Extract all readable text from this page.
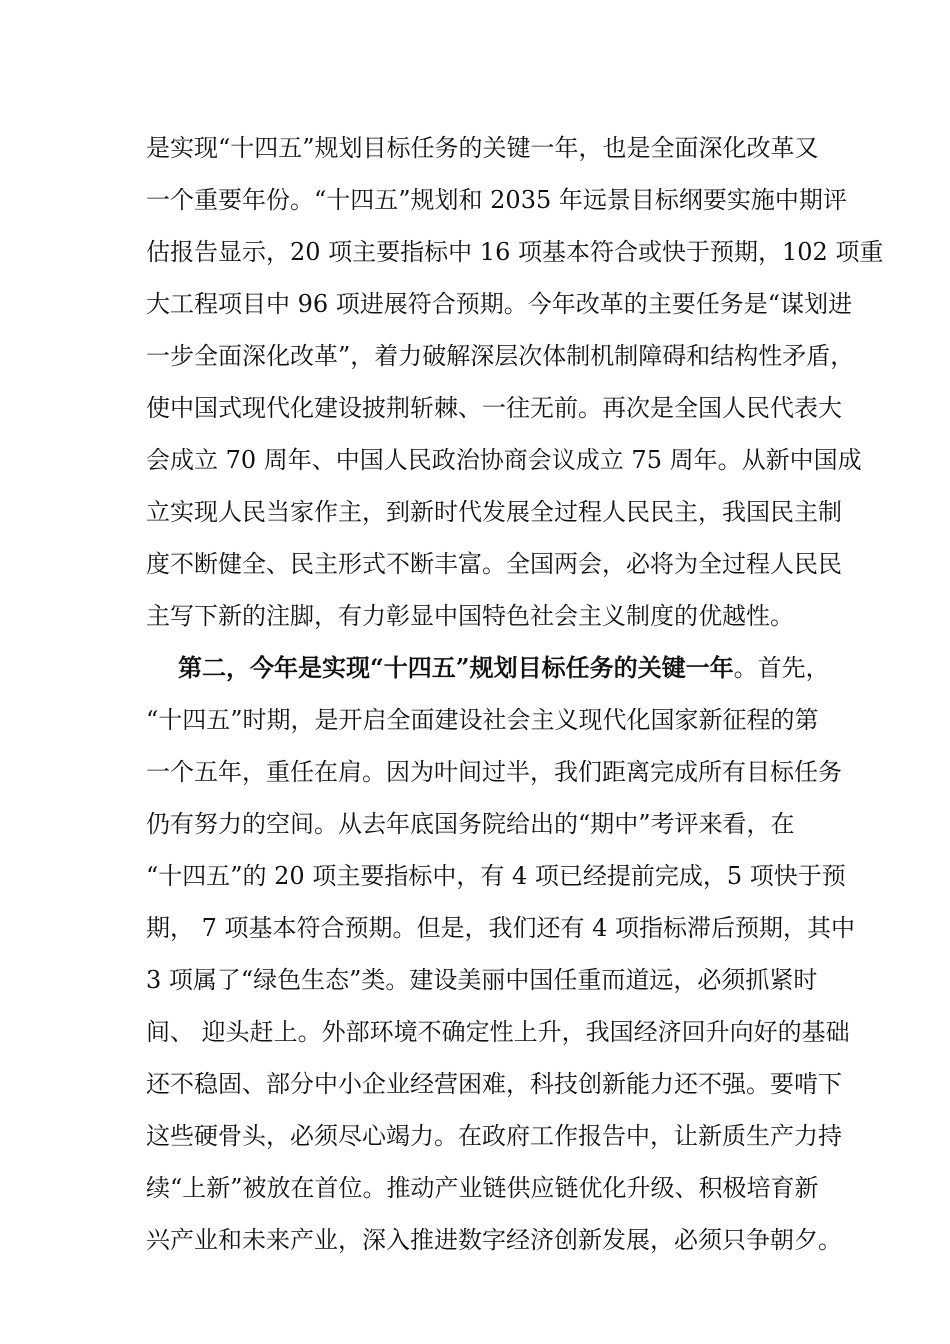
是实现“十四五”规划目标任务的关键一年，也是全面深化改革又
一个重要年份。“十四五”规划和 2035 年远景目标纲要实施中期评
估报告显示，20 项主要指标中 16 项基本符合或快于预期，102 项重
大工程项目中 96 项进展符合预期。今年改革的主要任务是“谋划进
一步全面深化改革”，着力破解深层次体制机制障碍和结构性矛盾，
使中国式现代化建设披荆斩棘、一往无前。再次是全国人民代表大
会成立 70 周年、中国人民政治协商会议成立 75 周年。从新中国成
立实现人民当家作主，到新时代发展全过程人民民主，我国民主制
度不断健全、民主形式不断丰富。全国两会，必将为全过程人民民
主写下新的注脚，有力彰显中国特色社会主义制度的优越性。
第二，今年是实现“十四五”规划目标任务的关键一年。首先，
“十四五”时期，是开启全面建设社会主义现代化国家新征程的第
一个五年，重任在肩。因为叶间过半，我们距离完成所有目标任务
仍有努力的空间。从去年底国务院给出的“期中”考评来看，在
“十四五”的 20 项主要指标中，有 4 项已经提前完成，5 项快于预
期， 7 项基本符合预期。但是，我们还有 4 项指标滞后预期，其中
3 项属了“绿色生态”类。建设美丽中国任重而道远，必须抓紧时
间、 迎头赶上。外部环境不确定性上升，我国经济回升向好的基础
还不稳固、部分中小企业经营困难，科技创新能力还不强。要啃下
这些硬骨头，必须尽心竭力。在政府工作报告中，让新质生产力持
续“上新”被放在首位。推动产业链供应链优化升级、积极培育新
兴产业和未来产业，深入推进数字经济创新发展，必须只争朝夕。
